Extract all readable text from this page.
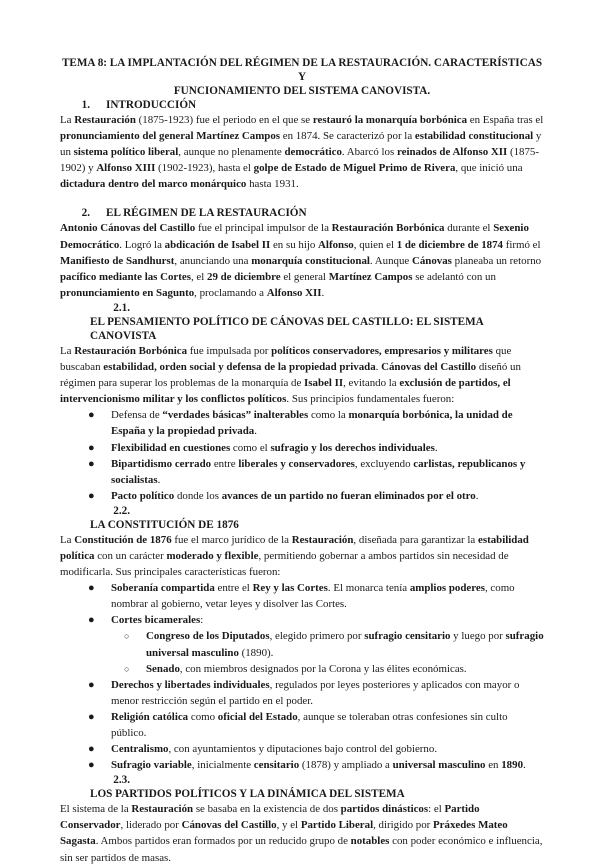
TEMA 8: LA IMPLANTACIÓN DEL RÉGIMEN DE LA RESTAURACIÓN. CARACTERÍSTICAS Y
FUNCIONAMIENTO DEL SISTEMA CANOVISTA.
1. INTRODUCCIÓN

La Restauración (1875-1923) fue el periodo en el que se restauró la monarquía borbónica en España tras el pronunciamiento del general Martínez Campos en 1874. Se caracterizó por la estabilidad constitucional y un sistema político liberal, aunque no plenamente democrático. Abarcó los reinados de Alfonso XII (1875-1902) y Alfonso XIII (1902-1923), hasta el golpe de Estado de Miguel Primo de Rivera, que inició una dictadura dentro del marco monárquico hasta 1931.

2. EL RÉGIMEN DE LA RESTAURACIÓN

Antonio Cánovas del Castillo fue el principal impulsor de la Restauración Borbónica durante el Sexenio Democrático. Logró la abdicación de Isabel II en su hijo Alfonso, quien el 1 de diciembre de 1874 firmó el Manifiesto de Sandhurst, anunciando una monarquía constitucional. Aunque Cánovas planeaba un retorno pacífico mediante las Cortes, el 29 de diciembre el general Martínez Campos se adelantó con un pronunciamiento en Sagunto, proclamando a Alfonso XII.

2.1.EL PENSAMIENTO POLÍTICO DE CÁNOVAS DEL CASTILLO: EL SISTEMA CANOVISTA

La Restauración Borbónica fue impulsada por políticos conservadores, empresarios y militares que buscaban estabilidad, orden social y defensa de la propiedad privada. Cánovas del Castillo diseñó un régimen para superar los problemas de la monarquía de Isabel II, evitando la exclusión de partidos, el intervencionismo militar y los conflictos políticos. Sus principios fundamentales fueron:

● Defensa de “verdades básicas” inalterables como la monarquía borbónica, la unidad de España y la propiedad privada.
● Flexibilidad en cuestiones como el sufragio y los derechos individuales.
● Bipartidismo cerrado entre liberales y conservadores, excluyendo carlistas, republicanos y socialistas.
● Pacto político donde los avances de un partido no fueran eliminados por el otro.
2.2.LA CONSTITUCIÓN DE 1876

La Constitución de 1876 fue el marco jurídico de la Restauración, diseñada para garantizar la estabilidad política con un carácter moderado y flexible, permitiendo gobernar a ambos partidos sin necesidad de modificarla. Sus principales características fueron:

● Soberanía compartida entre el Rey y las Cortes. El monarca tenía amplios poderes, como nombrar al gobierno, vetar leyes y disolver las Cortes.
● Cortes bicamerales:
○ Congreso de los Diputados, elegido primero por sufragio censitario y luego por sufragio universal masculino (1890).
○ Senado, con miembros designados por la Corona y las élites económicas.
● Derechos y libertades individuales, regulados por leyes posteriores y aplicados con mayor o menor restricción según el partido en el poder.
● Religión católica como oficial del Estado, aunque se toleraban otras confesiones sin culto público.
● Centralismo, con ayuntamientos y diputaciones bajo control del gobierno.
● Sufragio variable, inicialmente censitario (1878) y ampliado a universal masculino en 1890.
2.3.LOS PARTIDOS POLÍTICOS Y LA DINÁMICA DEL SISTEMA

El sistema de la Restauración se basaba en la existencia de dos partidos dinásticos: el Partido Conservador, liderado por Cánovas del Castillo, y el Partido Liberal, dirigido por Práxedes Mateo Sagasta. Ambos partidos eran formados por un reducido grupo de notables con poder económico e influencia, sin ser partidos de masas.
